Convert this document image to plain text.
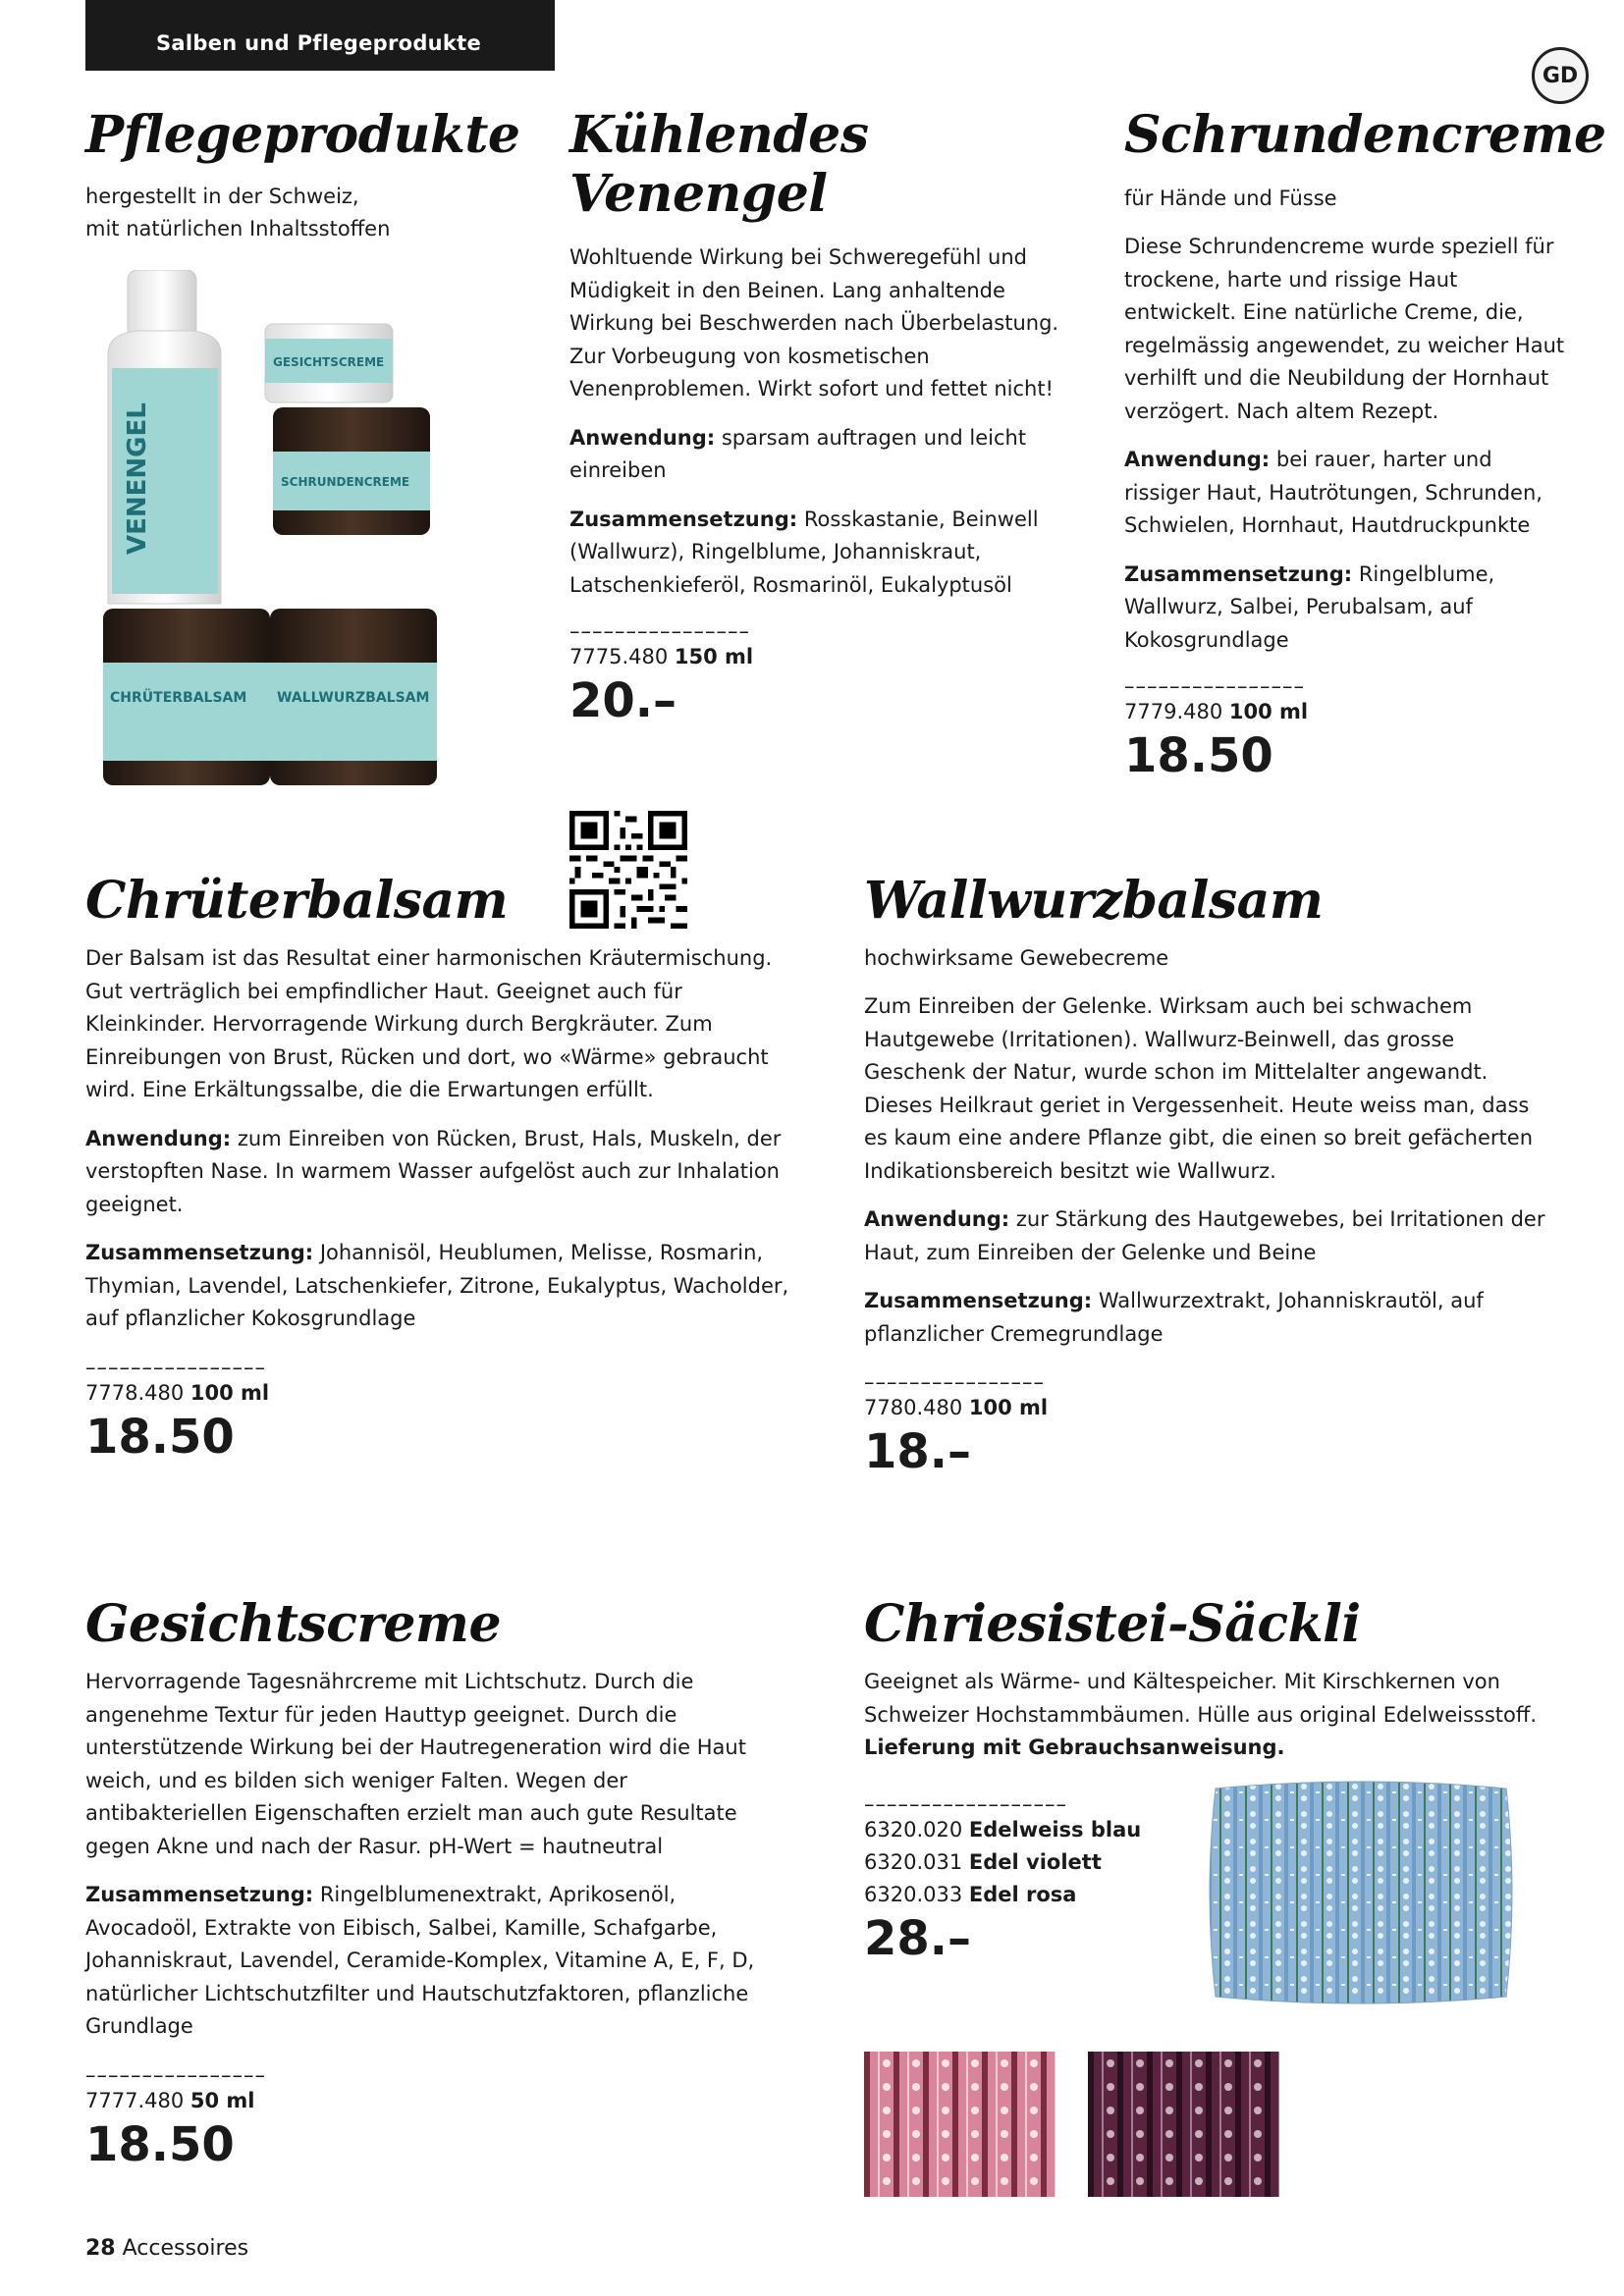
Salben und Pflegeprodukte
GD
Pflegeprodukte

hergestellt in der Schweiz,

mit natürlichen Inhaltsstoffen

VENENGEL
GESICHTSCREME
SCHRUNDENCREME
CHRÜTERBALSAM WALLWURZBALSAM
Kühlendes
Venengel

Wohltuende Wirkung bei Schweregefühl und Müdigkeit in den Beinen. Lang anhaltende Wirkung bei Beschwerden nach Überbelastung. Zur Vorbeugung von kosmetischen Venenproblemen. Wirkt sofort und fettet nicht!

Anwendung: sparsam auftragen und leicht einreiben

Zusammensetzung: Rosskastanie, Beinwell (Wallwurz), Ringelblume, Johanniskraut, Latschenkieferöl, Rosmarinöl, Eukalyptusöl

––––––––––––––––
7775.480 150 ml
20.–
Schrundencreme

für Hände und Füsse

Diese Schrundencreme wurde speziell für trockene, harte und rissige Haut entwickelt. Eine natürliche Creme, die, regelmässig angewendet, zu weicher Haut verhilft und die Neubildung der Hornhaut verzögert. Nach altem Rezept.

Anwendung: bei rauer, harter und rissiger Haut, Hautrötungen, Schrunden, Schwielen, Hornhaut, Hautdruckpunkte

Zusammensetzung: Ringelblume, Wallwurz, Salbei, Perubalsam, auf Kokosgrundlage

––––––––––––––––
7779.480 100 ml
18.50
Chrüterbalsam

Der Balsam ist das Resultat einer harmonischen Kräutermischung. Gut verträglich bei empfindlicher Haut. Geeignet auch für Kleinkinder. Hervorragende Wirkung durch Bergkräuter. Zum Einreibungen von Brust, Rücken und dort, wo «Wärme» gebraucht wird. Eine Erkältungssalbe, die die Erwartungen erfüllt.

Anwendung: zum Einreiben von Rücken, Brust, Hals, Muskeln, der verstopften Nase. In warmem Wasser aufgelöst auch zur Inhalation geeignet.

Zusammensetzung: Johannisöl, Heublumen, Melisse, Rosmarin, Thymian, Lavendel, Latschenkiefer, Zitrone, Eukalyptus, Wacholder, auf pflanzlicher Kokosgrundlage

––––––––––––––––
7778.480 100 ml
18.50
Wallwurzbalsam

hochwirksame Gewebecreme

Zum Einreiben der Gelenke. Wirksam auch bei schwachem Hautgewebe (Irritationen). Wallwurz-Beinwell, das grosse Geschenk der Natur, wurde schon im Mittelalter angewandt. Dieses Heilkraut geriet in Vergessenheit. Heute weiss man, dass es kaum eine andere Pflanze gibt, die einen so breit gefächerten Indikationsbereich besitzt wie Wallwurz.

Anwendung: zur Stärkung des Hautgewebes, bei Irritationen der Haut, zum Einreiben der Gelenke und Beine

Zusammensetzung: Wallwurzextrakt, Johanniskrautöl, auf pflanzlicher Cremegrundlage

––––––––––––––––
7780.480 100 ml
18.–
Gesichtscreme

Hervorragende Tagesnährcreme mit Lichtschutz. Durch die angenehme Textur für jeden Hauttyp geeignet. Durch die unterstützende Wirkung bei der Hautregeneration wird die Haut weich, und es bilden sich weniger Falten. Wegen der antibakteriellen Eigenschaften erzielt man auch gute Resultate gegen Akne und nach der Rasur. pH-Wert = hautneutral

Zusammensetzung: Ringelblumenextrakt, Aprikosenöl, Avocadoöl, Extrakte von Eibisch, Salbei, Kamille, Schafgarbe, Johanniskraut, Lavendel, Ceramide-Komplex, Vitamine A, E, F, D, natürlicher Lichtschutzfilter und Hautschutzfaktoren, pflanzliche Grundlage

––––––––––––––––
7777.480 50 ml
18.50
Chriesistei-Säckli

Geeignet als Wärme- und Kältespeicher. Mit Kirschkernen von Schweizer Hochstammbäumen. Hülle aus original Edelweissstoff.

Lieferung mit Gebrauchsanweisung.

––––––––––––––––––
6320.020 Edelweiss blau
6320.031 Edel violett
6320.033 Edel rosa
28.–
28 Accessoires
